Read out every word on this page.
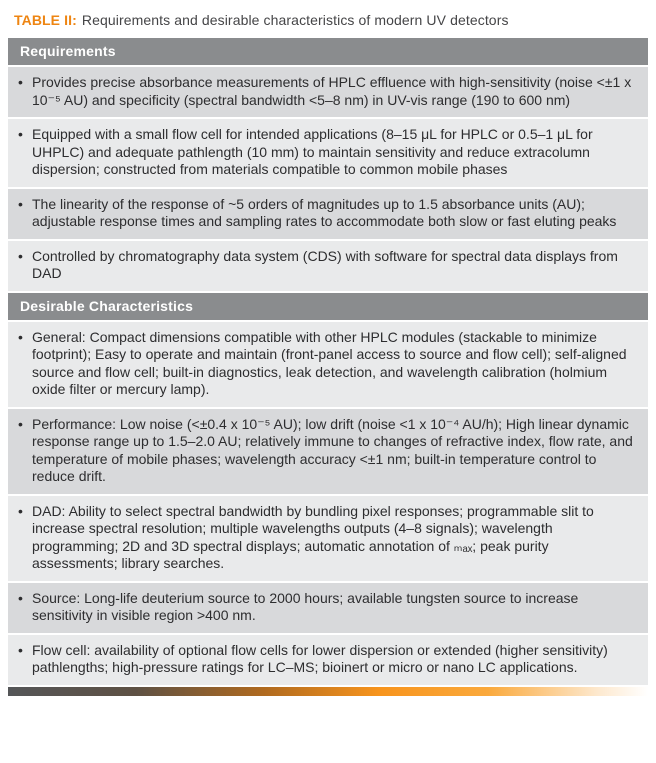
TABLE II: Requirements and desirable characteristics of modern UV detectors
Requirements
• Provides precise absorbance measurements of HPLC effluence with high-sensitivity (noise <±1 x 10⁻⁵ AU) and specificity (spectral bandwidth <5–8 nm) in UV-vis range (190 to 600 nm)
• Equipped with a small flow cell for intended applications (8–15 μL for HPLC or 0.5–1 μL for UHPLC) and adequate pathlength (10 mm) to maintain sensitivity and reduce extracolumn dispersion; constructed from materials compatible to common mobile phases
• The linearity of the response of ~5 orders of magnitudes up to 1.5 absorbance units (AU); adjustable response times and sampling rates to accommodate both slow or fast eluting peaks
• Controlled by chromatography data system (CDS) with software for spectral data displays from DAD
Desirable Characteristics
• General: Compact dimensions compatible with other HPLC modules (stackable to minimize footprint); Easy to operate and maintain (front-panel access to source and flow cell); self-aligned source and flow cell; built-in diagnostics, leak detection, and wavelength calibration (holmium oxide filter or mercury lamp).
• Performance: Low noise (<±0.4 x 10⁻⁵ AU); low drift (noise <1 x 10⁻⁴ AU/h); High linear dynamic response range up to 1.5–2.0 AU; relatively immune to changes of refractive index, flow rate, and temperature of mobile phases; wavelength accuracy <±1 nm; built-in temperature control to reduce drift.
• DAD: Ability to select spectral bandwidth by bundling pixel responses; programmable slit to increase spectral resolution; multiple wavelengths outputs (4–8 signals); wavelength programming; 2D and 3D spectral displays; automatic annotation of ₘₐₓ; peak purity assessments; library searches.
• Source: Long-life deuterium source to 2000 hours; available tungsten source to increase sensitivity in visible region >400 nm.
• Flow cell: availability of optional flow cells for lower dispersion or extended (higher sensitivity) pathlengths; high-pressure ratings for LC–MS; bioinert or micro or nano LC applications.
